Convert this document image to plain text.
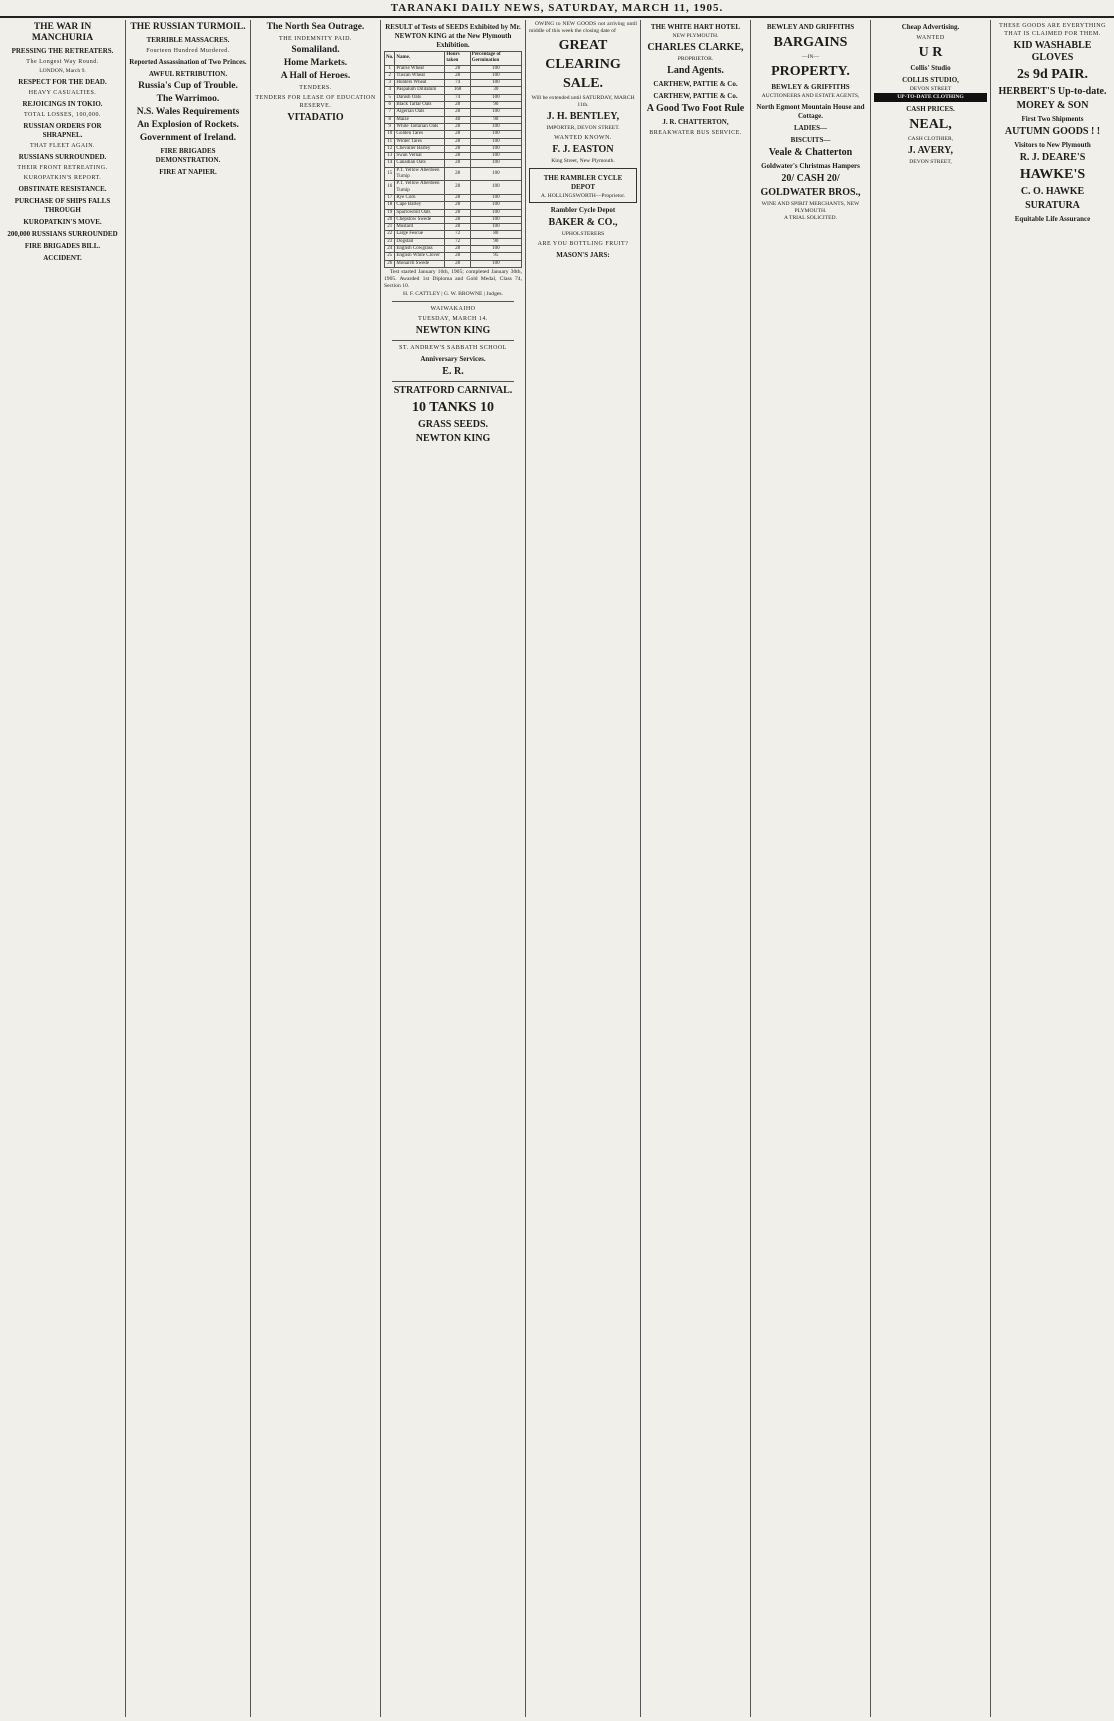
TARANAKI DAILY NEWS, SATURDAY, MARCH 11, 1905.
THE WAR IN MANCHURIA
PRESSING THE RETREATERS.
The Longest Way Round.
LONDON, March 9.
RESPECT FOR THE DEAD.
HEAVY CASUALTIES.
REJOICINGS IN TOKIO.
TOTAL LOSSES, 100,000.
RUSSIAN ORDERS FOR SHRAPNEL.
THAT FLEET AGAIN.
RUSSIANS SURROUNDED.
THEIR FRONT RETREATING.
KUROPATKIN'S REPORT.
OBSTINATE RESISTANCE.
PURCHASE OF SHIPS FALLS THROUGH
KUROPATKIN'S MOVE.
200,000 RUSSIANS SURROUNDED
FIRE BRIGADES BILL.
ACCIDENT.
THE RUSSIAN TURMOIL.
TERRIBLE MASSACRES.
Fourteen Hundred Murdered.
Reported Assassination of Two Princes.
AWFUL RETRIBUTION.
Russia's Cup of Trouble.
The Warrimoo.
N.S. Wales Requirements
An Explosion of Rockets.
Government of Ireland.
FIRE BRIGADES DEMONSTRATION.
FIRE AT NAPIER.
The North Sea Outrage.
THE INDEMNITY PAID.
Somaliland.
Home Markets.
A Hall of Heroes.
TENDERS.
TENDERS FOR LEASE OF EDUCATION RESERVE.
VITADATIO
RESULT of Tests of SEEDS Exhibited by Mr. NEWTON KING at the New Plymouth Exhibition.
No.	Name.	Hours taken	Percentage of Germination
1	Prairie Wheat	28	100
2	Tuscan Wheat	28	100
3	Hunters Wheat	74	100
4	Paspalum Dilitatum	168	30
5	Danish Oats	74	100
6	Black Tartar Oats	28	90
7	Algerian Oats	28	100
8	Maize	48	90
9	White Tartarian Oats	28	100
10	Golden Tares	28	100
11	Winter Tares	28	100
12	Chevalier Barley	28	100
13	Swan Vernal	28	100
14	Canadian Oats	28	100
15	P.T. Yellow Aberdeen Turnip	28	100
16	P.T. Yellow Aberdeen Turnip	28	100
17	Rye Corn	28	100
18	Cape Barley	28	100
19	Sparrowbill Oats	28	100
20	Chepstow Swede	28	100
21	Mustard	28	100
22	Large Fescue	72	80
23	Dogstail	72	90
24	English Cowgrass	28	100
25	English White Clover	28	95
26	Monarch Swede	28	100
Test started January 16th, 1905; completed January 30th, 1905. Awarded 1st Diploma and Gold Medal, Class 74, Section 10.
H. F. CATTLEY | G. W. BROWNE | Judges.
WAIWAKAIHO
TUESDAY, MARCH 14.
NEWTON KING
ST. ANDREW'S SABBATH SCHOOL
Anniversary Services.
E. R.
STRATFORD CARNIVAL.
10 TANKS 10
GRASS SEEDS.
NEWTON KING
OWING to NEW GOODS not arriving until middle of this week the closing date of
GREAT
CLEARING
SALE.
Will be extended until SATURDAY, MARCH 11th.
J. H. BENTLEY,
IMPORTER, DEVON STREET.
WANTED KNOWN.
F. J. EASTON
King Street, New Plymouth.
THE RAMBLER CYCLE DEPOT
A. HOLLINGSWORTH—Proprietor.
Rambler Cycle Depot
BAKER & CO.,
UPHOLSTERERS
ARE YOU BOTTLING FRUIT?
MASON'S JARS:
THE WHITE HART HOTEL
NEW PLYMOUTH.
CHARLES CLARKE,
PROPRIETOR.
Land Agents.
CARTHEW, PATTIE & Co.
CARTHEW, PATTIE & Co.
A Good Two Foot Rule
J. R. CHATTERTON,
BREAKWATER BUS SERVICE.
BEWLEY AND GRIFFITHS
BARGAINS
—IN—
PROPERTY.
BEWLEY & GRIFFITHS
AUCTIONEERS AND ESTATE AGENTS,
North Egmont Mountain House and Cottage.
LADIES—
BISCUITS—
Veale & Chatterton
Goldwater's Christmas Hampers
20/ CASH 20/
GOLDWATER BROS.,
WINE AND SPIRIT MERCHANTS, NEW PLYMOUTH.
A TRIAL SOLICITED.
Cheap Advertising.
WANTED
U R
Collis' Studio
COLLIS STUDIO,
DEVON STREET
UP-TO-DATE CLOTHING
CASH PRICES.
NEAL,
CASH CLOTHIER,
J. AVERY,
DEVON STREET,
THESE GOODS ARE EVERYTHING THAT IS CLAIMED FOR THEM.
KID WASHABLE GLOVES
2s 9d PAIR.
HERBERT'S Up-to-date.
MOREY & SON
First Two Shipments
AUTUMN GOODS ! !
Visitors to New Plymouth
R. J. DEARE'S
HAWKE'S
C. O. HAWKE
SURATURA
Equitable Life Assurance
